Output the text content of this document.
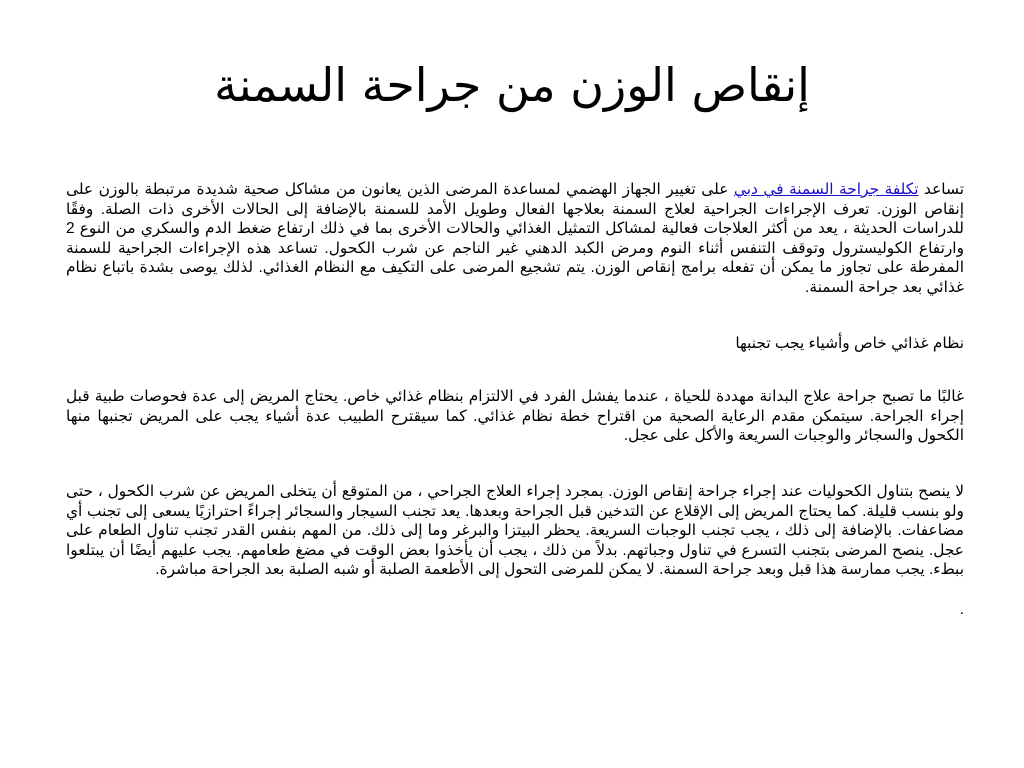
إنقاص الوزن من جراحة السمنة

تساعد تكلفة جراحة السمنة في دبي على تغيير الجهاز الهضمي لمساعدة المرضى الذين يعانون من مشاكل صحية شديدة مرتبطة بالوزن على إنقاص الوزن. تعرف الإجراءات الجراحية لعلاج السمنة بعلاجها الفعال وطويل الأمد للسمنة بالإضافة إلى الحالات الأخرى ذات الصلة. وفقًا للدراسات الحديثة ، يعد من أكثر العلاجات فعالية لمشاكل التمثيل الغذائي والحالات الأخرى بما في ذلك ارتفاع ضغط الدم والسكري من النوع 2 وارتفاع الكوليسترول وتوقف التنفس أثناء النوم ومرض الكبد الدهني غير الناجم عن شرب الكحول. تساعد هذه الإجراءات الجراحية للسمنة المفرطة على تجاوز ما يمكن أن تفعله برامج إنقاص الوزن. يتم تشجيع المرضى على التكيف مع النظام الغذائي. لذلك يوصى بشدة باتباع نظام غذائي بعد جراحة السمنة.

نظام غذائي خاص وأشياء يجب تجنبها

غالبًا ما تصبح جراحة علاج البدانة مهددة للحياة ، عندما يفشل الفرد في الالتزام بنظام غذائي خاص. يحتاج المريض إلى عدة فحوصات طبية قبل إجراء الجراحة. سيتمكن مقدم الرعاية الصحية من اقتراح خطة نظام غذائي. كما سيقترح الطبيب عدة أشياء يجب على المريض تجنبها منها الكحول والسجائر والوجبات السريعة والأكل على عجل.

لا ينصح بتناول الكحوليات عند إجراء جراحة إنقاص الوزن. بمجرد إجراء العلاج الجراحي ، من المتوقع أن يتخلى المريض عن شرب الكحول ، حتى ولو بنسب قليلة. كما يحتاج المريض إلى الإقلاع عن التدخين قبل الجراحة وبعدها. يعد تجنب السيجار والسجائر إجراءً احترازيًا يسعى إلى تجنب أي مضاعفات. بالإضافة إلى ذلك ، يجب تجنب الوجبات السريعة. يحظر البيتزا والبرغر وما إلى ذلك. من المهم بنفس القدر تجنب تناول الطعام على عجل. ينصح المرضى بتجنب التسرع في تناول وجباتهم. بدلاً من ذلك ، يجب أن يأخذوا بعض الوقت في مضغ طعامهم. يجب عليهم أيضًا أن يبتلعوا ببطء. يجب ممارسة هذا قبل وبعد جراحة السمنة. لا يمكن للمرضى التحول إلى الأطعمة الصلبة أو شبه الصلبة بعد الجراحة مباشرة.

.
